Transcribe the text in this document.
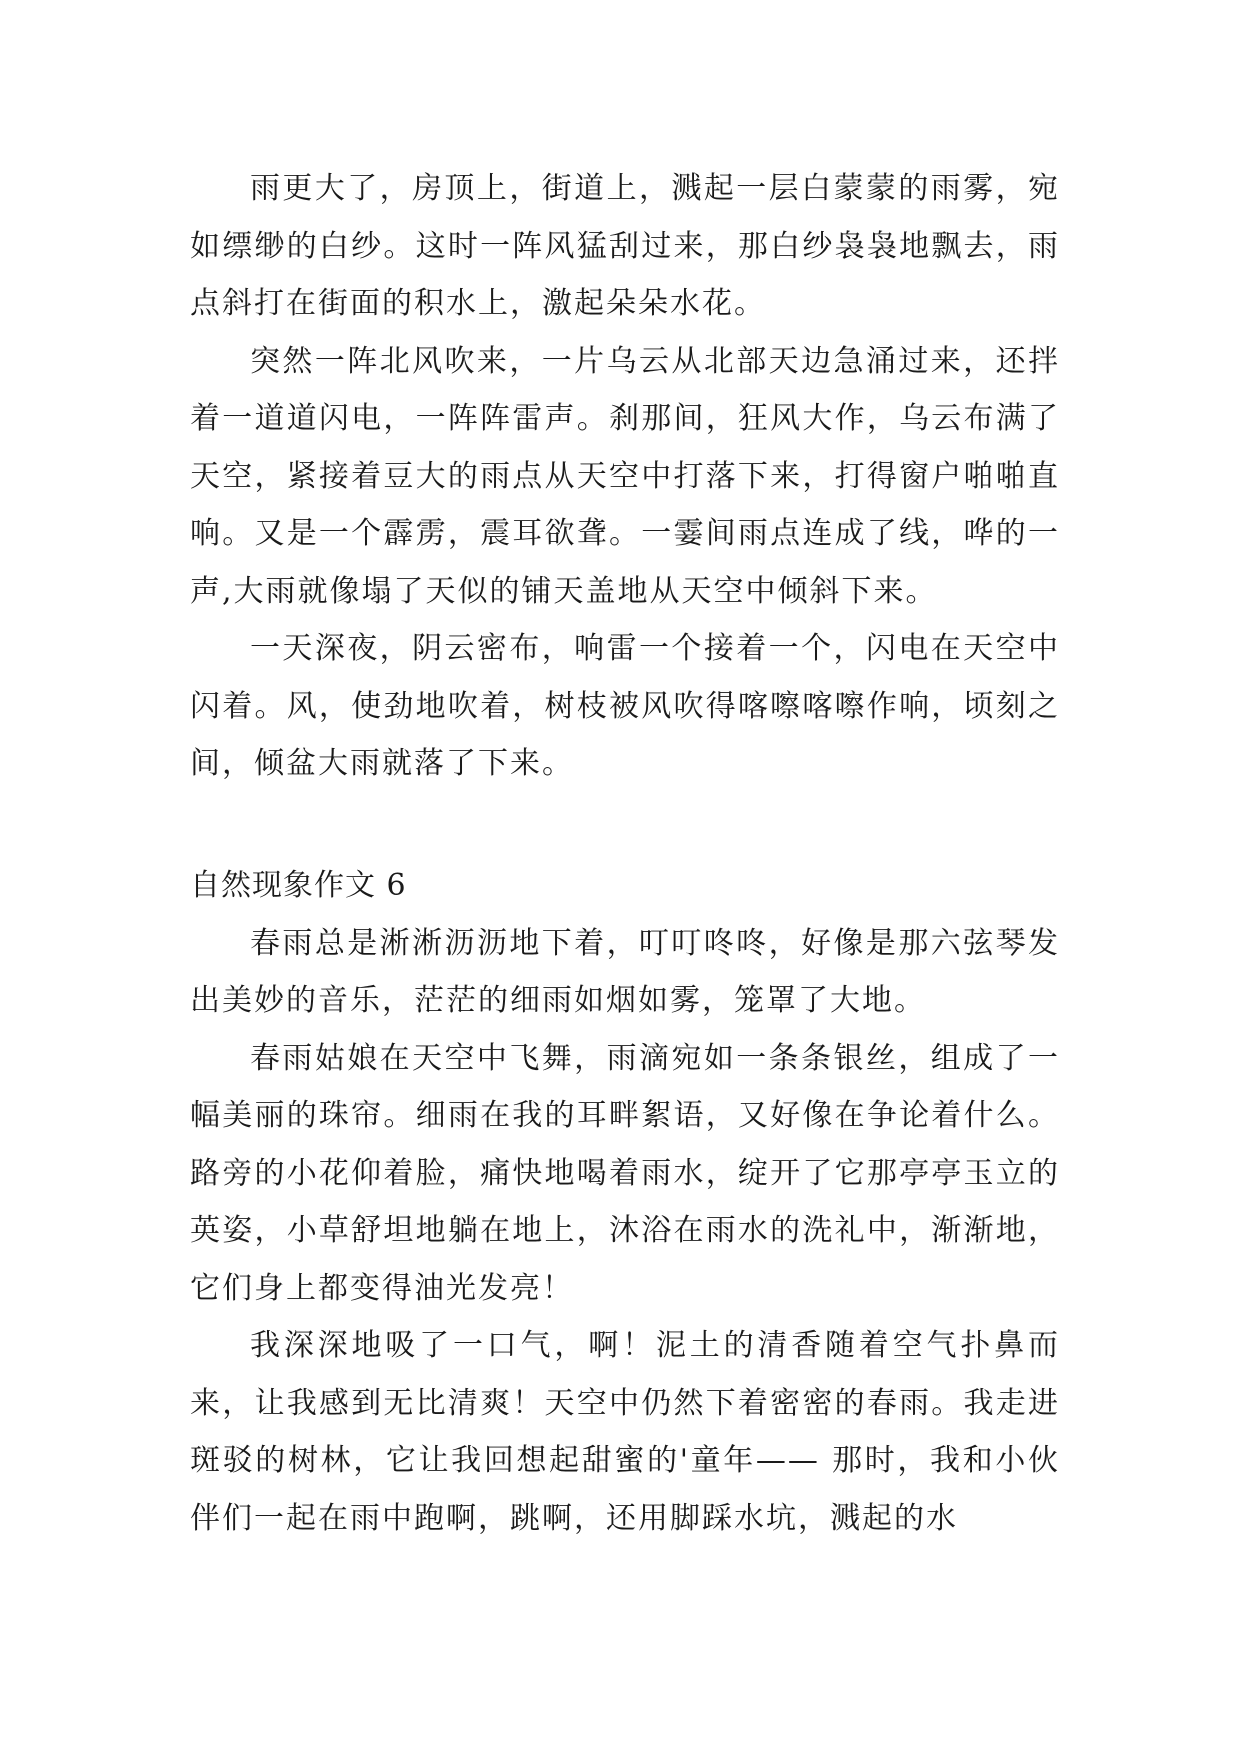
雨更大了，房顶上，街道上，溅起一层白蒙蒙的雨雾，宛如缥缈的白纱。这时一阵风猛刮过来，那白纱袅袅地飘去，雨点斜打在街面的积水上，激起朵朵水花。

突然一阵北风吹来，一片乌云从北部天边急涌过来，还拌着一道道闪电，一阵阵雷声。刹那间，狂风大作，乌云布满了天空，紧接着豆大的雨点从天空中打落下来，打得窗户啪啪直响。又是一个霹雳，震耳欲聋。一霎间雨点连成了线，哗的一声,大雨就像塌了天似的铺天盖地从天空中倾斜下来。

一天深夜，阴云密布，响雷一个接着一个，闪电在天空中闪着。风，使劲地吹着，树枝被风吹得喀嚓喀嚓作响，顷刻之间，倾盆大雨就落了下来。

自然现象作文 6

春雨总是淅淅沥沥地下着，叮叮咚咚，好像是那六弦琴发出美妙的音乐，茫茫的细雨如烟如雾，笼罩了大地。

春雨姑娘在天空中飞舞，雨滴宛如一条条银丝，组成了一幅美丽的珠帘。细雨在我的耳畔絮语，又好像在争论着什么。路旁的小花仰着脸，痛快地喝着雨水，绽开了它那亭亭玉立的英姿，小草舒坦地躺在地上，沐浴在雨水的洗礼中，渐渐地，它们身上都变得油光发亮！

我深深地吸了一口气，啊！泥土的清香随着空气扑鼻而来，让我感到无比清爽！天空中仍然下着密密的春雨。我走进斑驳的树林，它让我回想起甜蜜的'童年—— 那时，我和小伙伴们一起在雨中跑啊，跳啊，还用脚踩水坑，溅起的水
